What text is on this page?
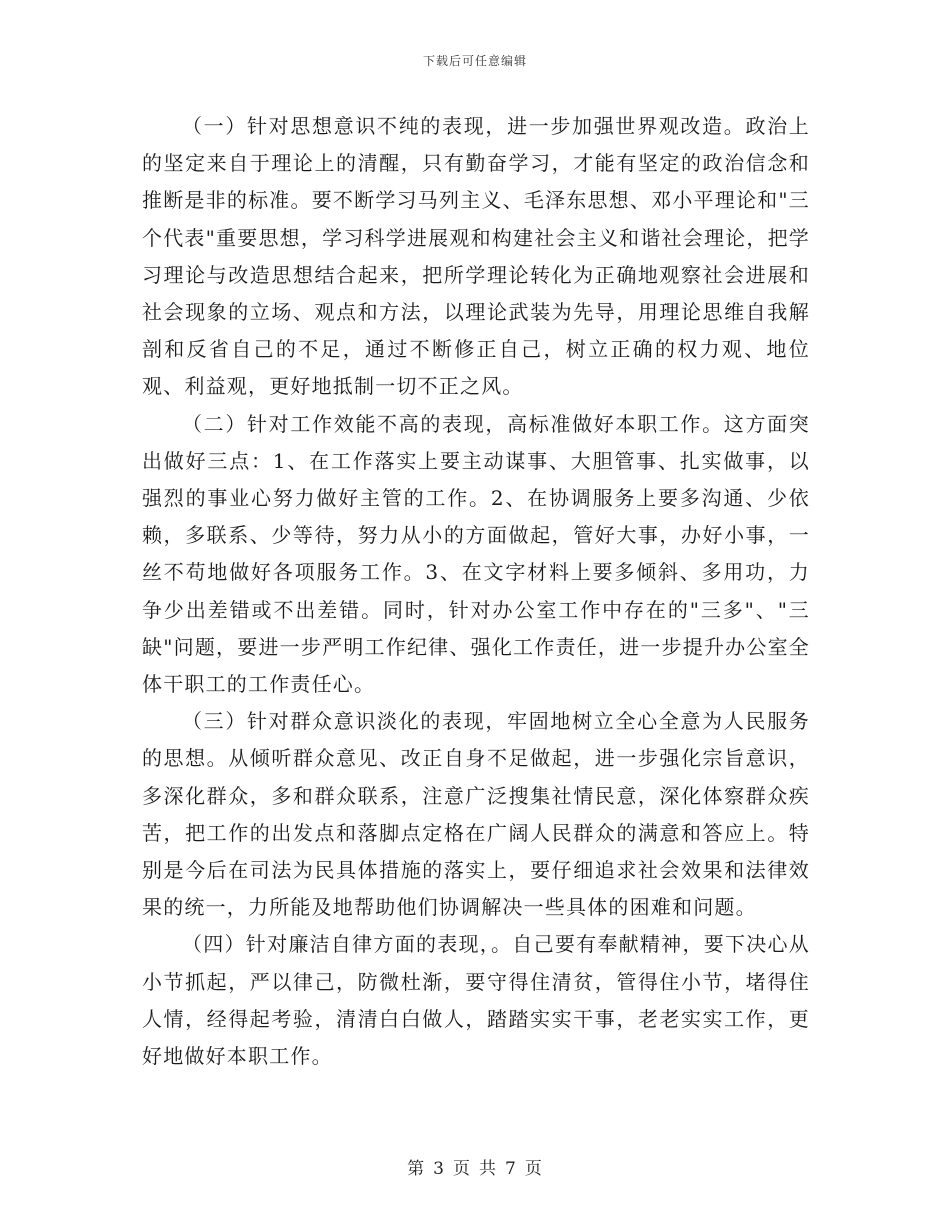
下载后可任意编辑

（一）针对思想意识不纯的表现，进一步加强世界观改造。政治上的坚定来自于理论上的清醒，只有勤奋学习，才能有坚定的政治信念和推断是非的标准。要不断学习马列主义、毛泽东思想、邓小平理论和"三个代表"重要思想，学习科学进展观和构建社会主义和谐社会理论，把学习理论与改造思想结合起来，把所学理论转化为正确地观察社会进展和社会现象的立场、观点和方法，以理论武装为先导，用理论思维自我解剖和反省自己的不足，通过不断修正自己，树立正确的权力观、地位观、利益观，更好地抵制一切不正之风。

（二）针对工作效能不高的表现，高标准做好本职工作。这方面突出做好三点：1、在工作落实上要主动谋事、大胆管事、扎实做事，以强烈的事业心努力做好主管的工作。2、在协调服务上要多沟通、少依赖，多联系、少等待，努力从小的方面做起，管好大事，办好小事，一丝不苟地做好各项服务工作。3、在文字材料上要多倾斜、多用功，力争少出差错或不出差错。同时，针对办公室工作中存在的"三多"、"三缺"问题，要进一步严明工作纪律、强化工作责任，进一步提升办公室全体干职工的工作责任心。

（三）针对群众意识淡化的表现，牢固地树立全心全意为人民服务的思想。从倾听群众意见、改正自身不足做起，进一步强化宗旨意识，多深化群众，多和群众联系，注意广泛搜集社情民意，深化体察群众疾苦，把工作的出发点和落脚点定格在广阔人民群众的满意和答应上。特别是今后在司法为民具体措施的落实上，要仔细追求社会效果和法律效果的统一，力所能及地帮助他们协调解决一些具体的困难和问题。

（四）针对廉洁自律方面的表现，。自己要有奉献精神，要下决心从小节抓起，严以律己，防微杜渐，要守得住清贫，管得住小节，堵得住人情，经得起考验，清清白白做人，踏踏实实干事，老老实实工作，更好地做好本职工作。

第 3 页 共 7 页
